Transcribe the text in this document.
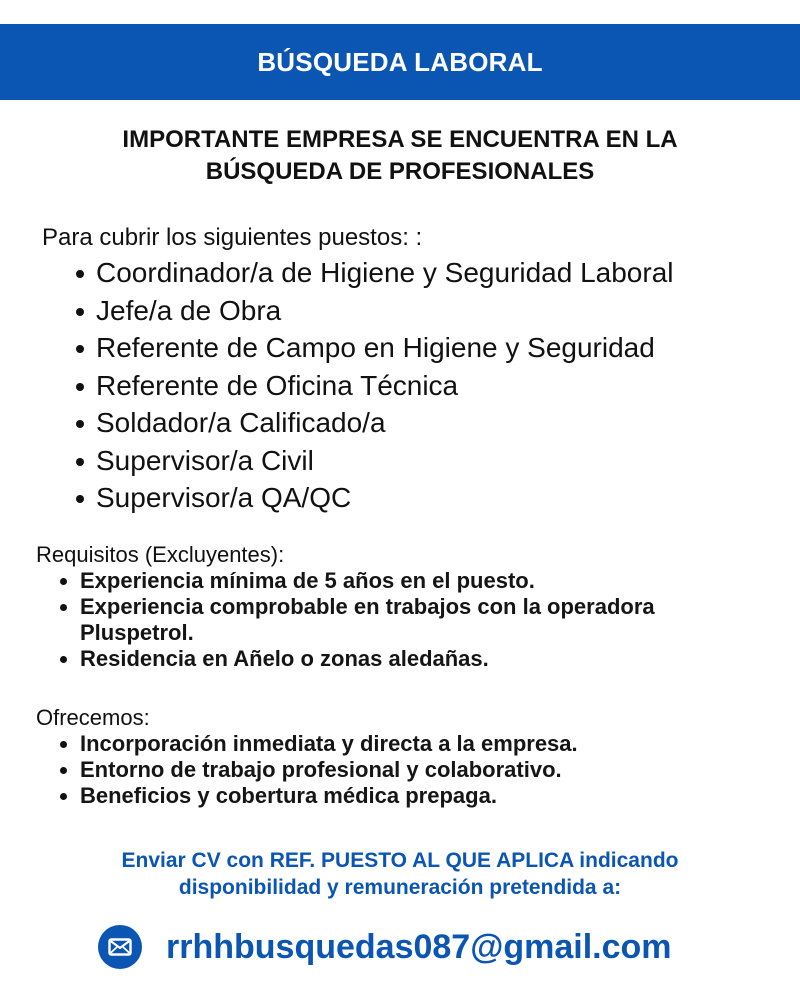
BÚSQUEDA LABORAL
IMPORTANTE EMPRESA SE ENCUENTRA EN LA
BÚSQUEDA DE PROFESIONALES
Para cubrir los siguientes puestos: :
Coordinador/a de Higiene y Seguridad Laboral
Jefe/a de Obra
Referente de Campo en Higiene y Seguridad
Referente de Oficina Técnica
Soldador/a Calificado/a
Supervisor/a Civil
Supervisor/a QA/QC
Requisitos (Excluyentes):
Experiencia mínima de 5 años en el puesto.
Experiencia comprobable en trabajos con la operadora Pluspetrol.
Residencia en Añelo o zonas aledañas.
Ofrecemos:
Incorporación inmediata y directa a la empresa.
Entorno de trabajo profesional y colaborativo.
Beneficios y cobertura médica prepaga.
Enviar CV con REF. PUESTO AL QUE APLICA indicando
disponibilidad y remuneración pretendida a:
rrhhbusquedas087@gmail.com
